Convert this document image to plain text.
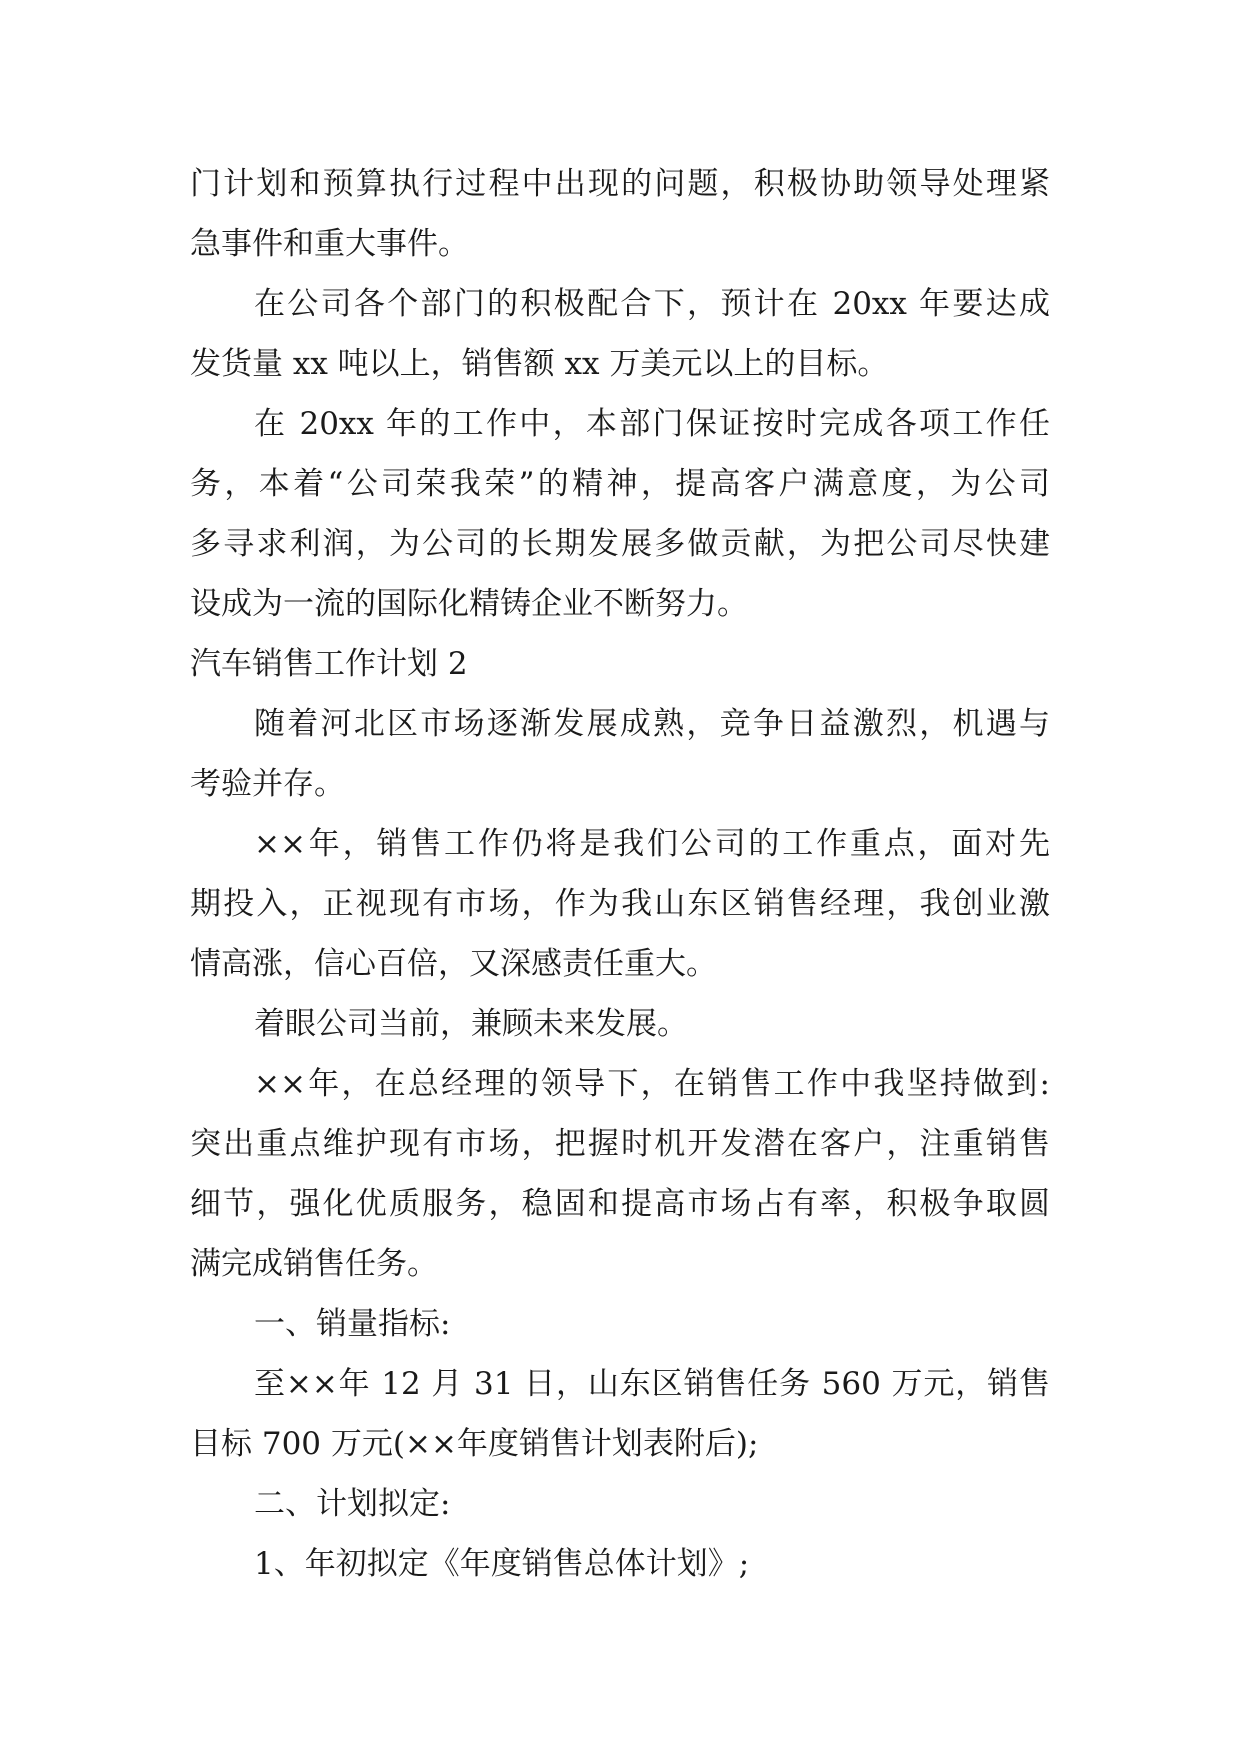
门计划和预算执行过程中出现的问题，积极协助领导处理紧
急事件和重大事件。
在公司各个部门的积极配合下，预计在 20xx 年要达成
发货量 xx 吨以上，销售额 xx 万美元以上的目标。
在 20xx 年的工作中，本部门保证按时完成各项工作任
务，本着“公司荣我荣”的精神，提高客户满意度，为公司
多寻求利润，为公司的长期发展多做贡献，为把公司尽快建
设成为一流的国际化精铸企业不断努力。
汽车销售工作计划 2
随着河北区市场逐渐发展成熟，竞争日益激烈，机遇与
考验并存。
××年，销售工作仍将是我们公司的工作重点，面对先
期投入，正视现有市场，作为我山东区销售经理，我创业激
情高涨，信心百倍，又深感责任重大。
着眼公司当前，兼顾未来发展。
××年，在总经理的领导下，在销售工作中我坚持做到:
突出重点维护现有市场，把握时机开发潜在客户，注重销售
细节，强化优质服务，稳固和提高市场占有率，积极争取圆
满完成销售任务。
一、销量指标:
至××年 12 月 31 日，山东区销售任务 560 万元，销售
目标 700 万元(××年度销售计划表附后);
二、计划拟定:
1、年初拟定《年度销售总体计划》;
